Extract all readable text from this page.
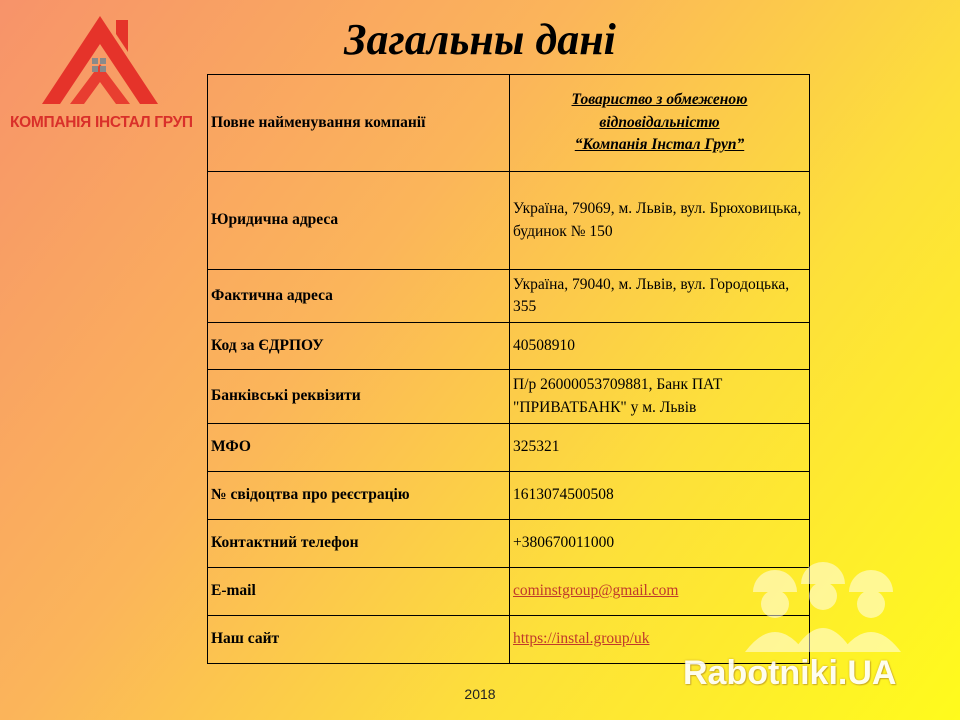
КОМПАНІЯ ІНСТАЛ ГРУП
Загальны дані
Повне найменування компанії	Товариство з обмеженою відповідальністю
“Компанія Інстал Груп”

Юридична адреса	Україна, 79069, м. Львів, вул. Брюховицька, будинок № 150
Фактична адреса	Україна, 79040, м. Львів, вул. Городоцька, 355
Код за ЄДРПОУ	40508910
Банківські реквізити	П/р 26000053709881, Банк ПАТ "ПРИВАТБАНК" у м. Львів
МФО	325321
№ свідоцтва про реєстрацію	1613074500508
Контактний телефон	+380670011000
E-mail	cominstgroup@gmail.com
Наш сайт	https://instal.group/uk
Rabotniki.UA
2018
